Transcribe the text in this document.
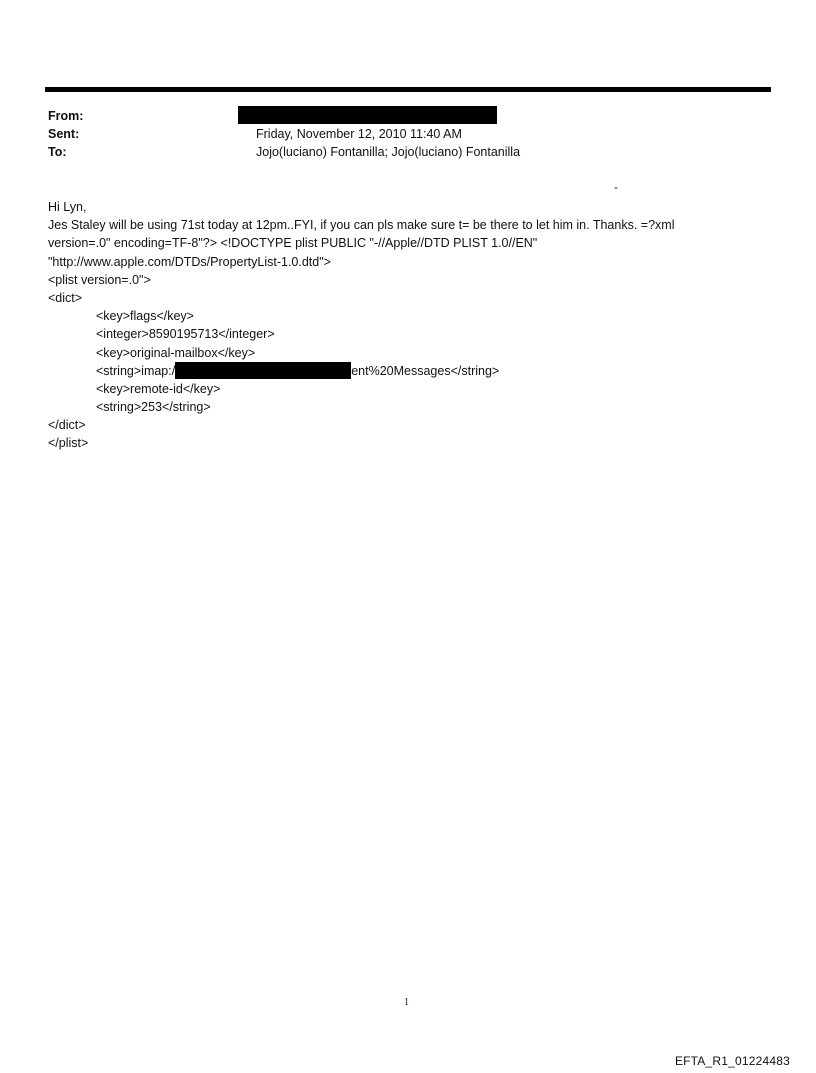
From:
Sent:	Friday, November 12, 2010 11:40 AM
To:	Jojo(luciano) Fontanilla; Jojo(luciano) Fontanilla
-
Hi Lyn,
Jes Staley will be using 71st today at 12pm..FYI, if you can pls make sure t= be there to let him in. Thanks. =?xml
version=.0" encoding=TF-8"?> <!DOCTYPE plist PUBLIC "-//Apple//DTD PLIST 1.0//EN"
"http://www.apple.com/DTDs/PropertyList-1.0.dtd">
<plist version=.0">
<dict>
<key>flags</key>
<integer>8590195713</integer>
<key>original-mailbox</key>
<string>imap:/	ent%20Messages</string>
<key>remote-id</key>
<string>253</string>
</dict>
</plist>
1
EFTA_R1_01224483
